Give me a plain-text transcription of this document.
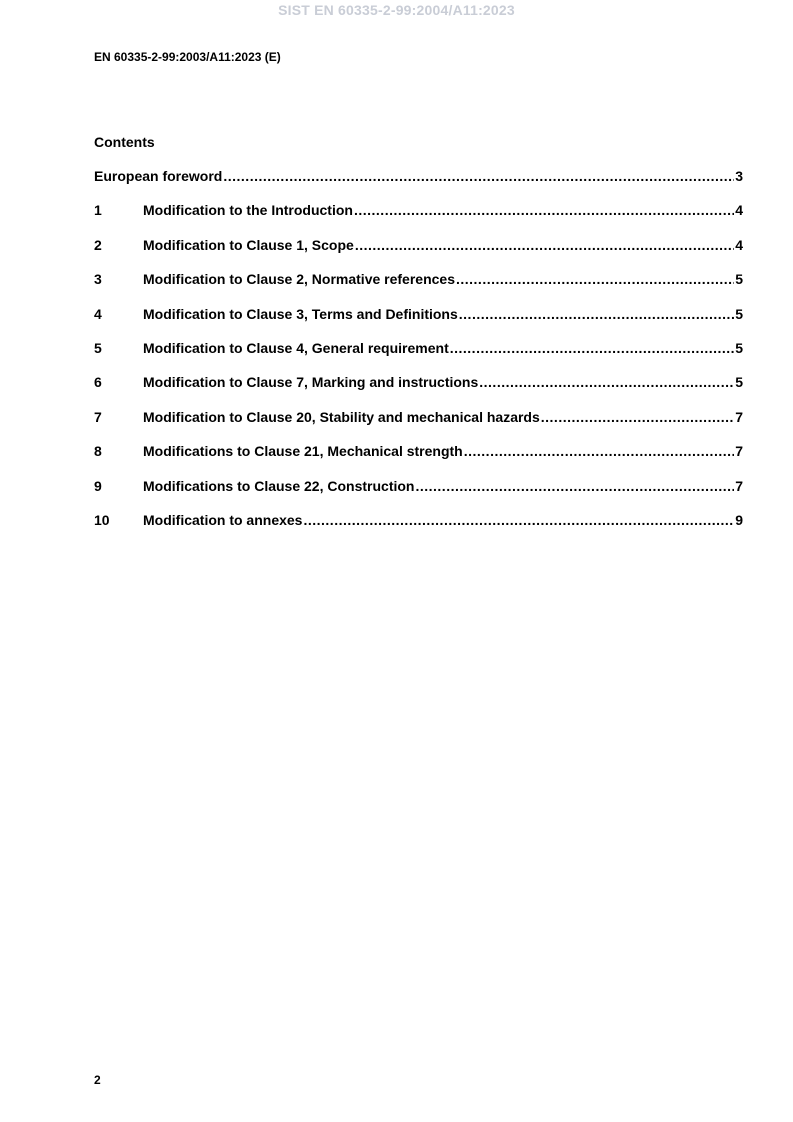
SIST EN 60335-2-99:2004/A11:2023
EN 60335-2-99:2003/A11:2023 (E)
Contents
European foreword .....	3
1	Modification to the Introduction .....	4
2	Modification to Clause 1, Scope .....	4
3	Modification to Clause 2, Normative references .....	5
4	Modification to Clause 3, Terms and Definitions .....	5
5	Modification to Clause 4, General requirement .....	5
6	Modification to Clause 7, Marking and instructions .....	5
7	Modification to Clause 20, Stability and mechanical hazards .....	7
8	Modifications to Clause 21, Mechanical strength .....	7
9	Modifications to Clause 22, Construction .....	7
10	Modification to annexes .....	9
2
